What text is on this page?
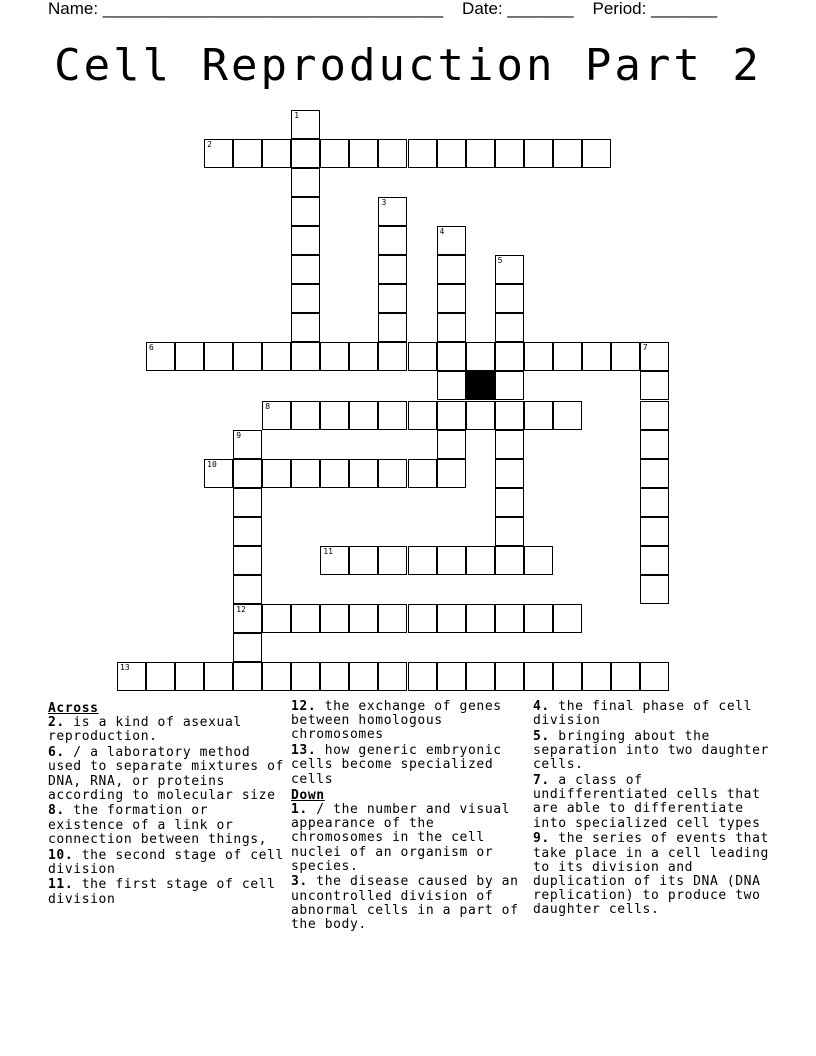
Name: ____________________________________    Date: _______    Period: _______
Cell Reproduction Part 2
1
2
3
4
5
6	7
8
9
10
11
12
13
Across
2. is a kind of asexual reproduction.
6. / a laboratory method used to separate mixtures of DNA, RNA, or proteins according to molecular size
8. the formation or existence of a link or connection between things,
10. the second stage of cell division
11. the first stage of cell division
12. the exchange of genes between homologous chromosomes
13. how generic embryonic cells become specialized cells
Down
1. / the number and visual appearance of the chromosomes in the cell nuclei of an organism or species.
3. the disease caused by an uncontrolled division of abnormal cells in a part of the body.
4. the final phase of cell division
5. bringing about the separation into two daughter cells.
7. a class of undifferentiated cells that are able to differentiate into specialized cell types
9. the series of events that take place in a cell leading to its division and duplication of its DNA (DNA replication) to produce two daughter cells.
